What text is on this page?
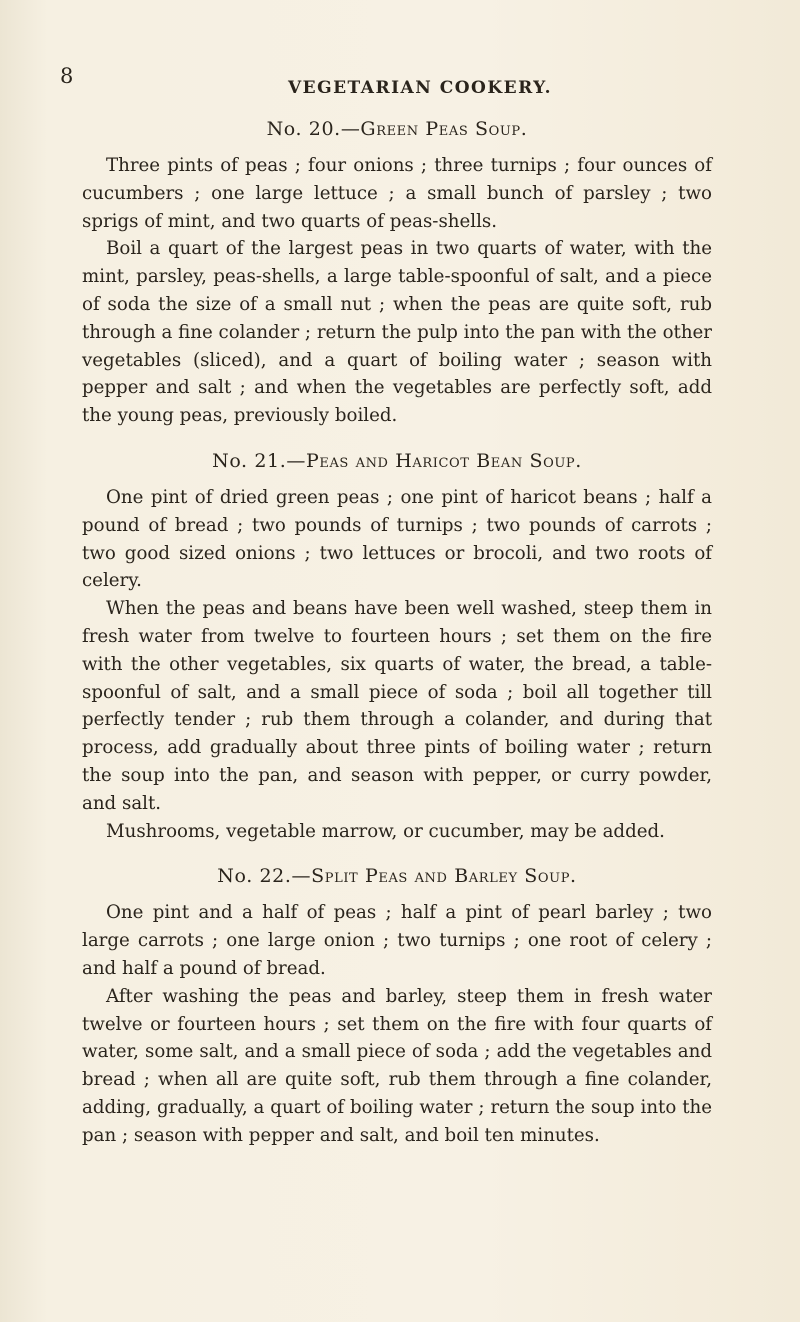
8	VEGETARIAN COOKERY.
No. 20.—Green Peas Soup.

Three pints of peas ; four onions ; three turnips ; four ounces of cucumbers ; one large lettuce ; a small bunch of parsley ; two sprigs of mint, and two quarts of peas-shells.

Boil a quart of the largest peas in two quarts of water, with the mint, parsley, peas-shells, a large table-spoonful of salt, and a piece of soda the size of a small nut ; when the peas are quite soft, rub through a fine colander ; return the pulp into the pan with the other vegetables (sliced), and a quart of boiling water ; season with pepper and salt ; and when the vegetables are perfectly soft, add the young peas, previously boiled.

No. 21.—Peas and Haricot Bean Soup.

One pint of dried green peas ; one pint of haricot beans ; half a pound of bread ; two pounds of turnips ; two pounds of carrots ; two good sized onions ; two lettuces or brocoli, and two roots of celery.

When the peas and beans have been well washed, steep them in fresh water from twelve to fourteen hours ; set them on the fire with the other vegetables, six quarts of water, the bread, a table-spoonful of salt, and a small piece of soda ; boil all together till perfectly tender ; rub them through a colander, and during that process, add gradually about three pints of boiling water ; return the soup into the pan, and season with pepper, or curry powder, and salt.

Mushrooms, vegetable marrow, or cucumber, may be added.

No. 22.—Split Peas and Barley Soup.

One pint and a half of peas ; half a pint of pearl barley ; two large carrots ; one large onion ; two turnips ; one root of celery ; and half a pound of bread.

After washing the peas and barley, steep them in fresh water twelve or fourteen hours ; set them on the fire with four quarts of water, some salt, and a small piece of soda ; add the vegetables and bread ; when all are quite soft, rub them through a fine colander, adding, gradually, a quart of boiling water ; return the soup into the pan ; season with pepper and salt, and boil ten minutes.
